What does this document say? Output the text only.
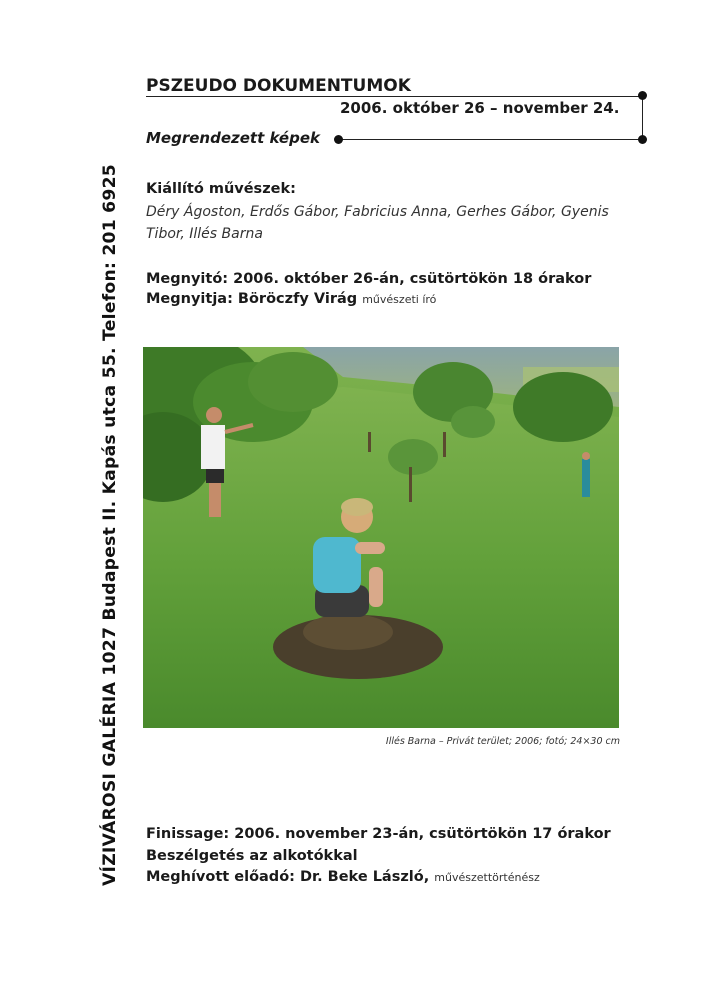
VÍZIVÁROSI GALÉRIA 1027 Budapest II. Kapás utca 55. Telefon: 201 6925
PSZEUDO DOKUMENTUMOK
2006. október 26 – november 24.
Megrendezett képek
Kiállító művészek:
Déry Ágoston, Erdős Gábor, Fabricius Anna, Gerhes Gábor, Gyenis Tibor, Illés Barna
Megnyitó: 2006. október 26-án, csütörtökön 18 órakor
Megnyitja: Böröczfy Virág művészeti író
Illés Barna – Privát terület; 2006; fotó; 24×30 cm
Finissage: 2006. november 23-án, csütörtökön 17 órakor
Beszélgetés az alkotókkal
Meghívott előadó: Dr. Beke László, művészettörténész
